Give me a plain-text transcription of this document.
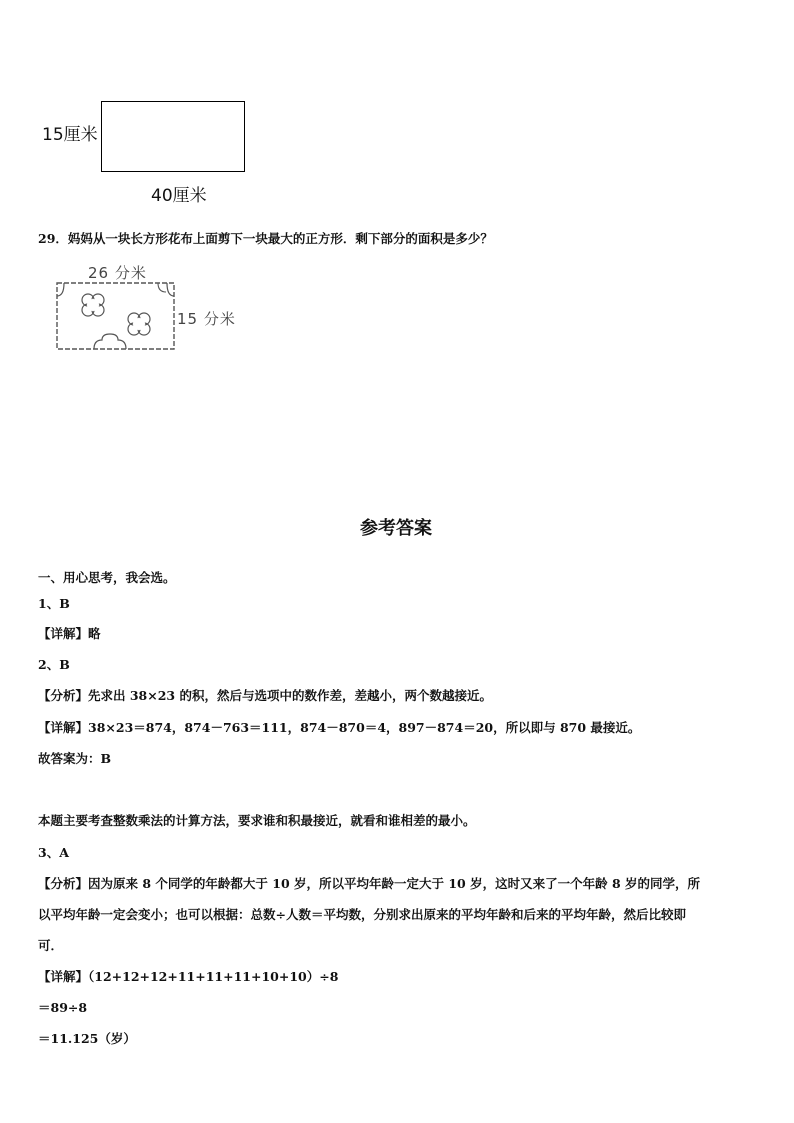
15厘米
40厘米
29．妈妈从一块长方形花布上面剪下一块最大的正方形．剩下部分的面积是多少？
26 分米
15 分米
参考答案
一、用心思考，我会选。
1、B
【详解】略
2、B
【分析】先求出 38×23 的积，然后与选项中的数作差，差越小，两个数越接近。
【详解】38×23＝874，874－763＝111，874－870＝4，897－874＝20，所以即与 870 最接近。
故答案为：B
本题主要考查整数乘法的计算方法，要求谁和积最接近，就看和谁相差的最小。
3、A
【分析】因为原来 8 个同学的年龄都大于 10 岁，所以平均年龄一定大于 10 岁，这时又来了一个年龄 8 岁的同学，所
以平均年龄一定会变小；也可以根据：总数÷人数＝平均数，分别求出原来的平均年龄和后来的平均年龄，然后比较即
可．
【详解】（12+12+12+11+11+11+10+10）÷8
＝89÷8
＝11.125（岁）
